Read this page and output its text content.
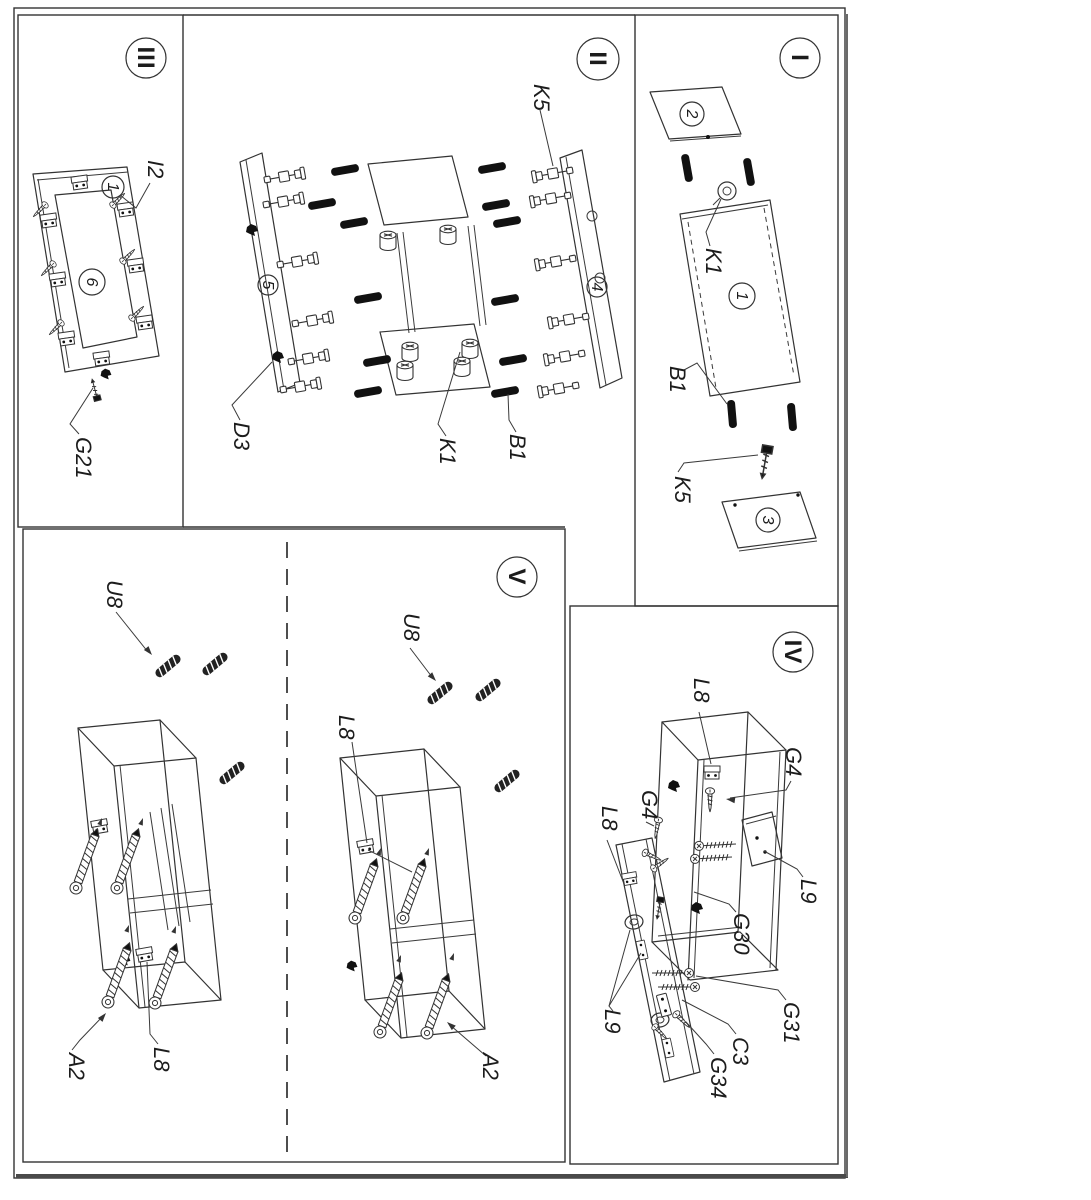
III
1
6
I2
G21
II
5	4
K5
D3
K1 B1
I
2
K1
1
B1
K5
3
IV
L8
G4
G4
L8
L9
G30
L9	G31
C3
G34
V
U8
L8
A2
U8
L8
A2
